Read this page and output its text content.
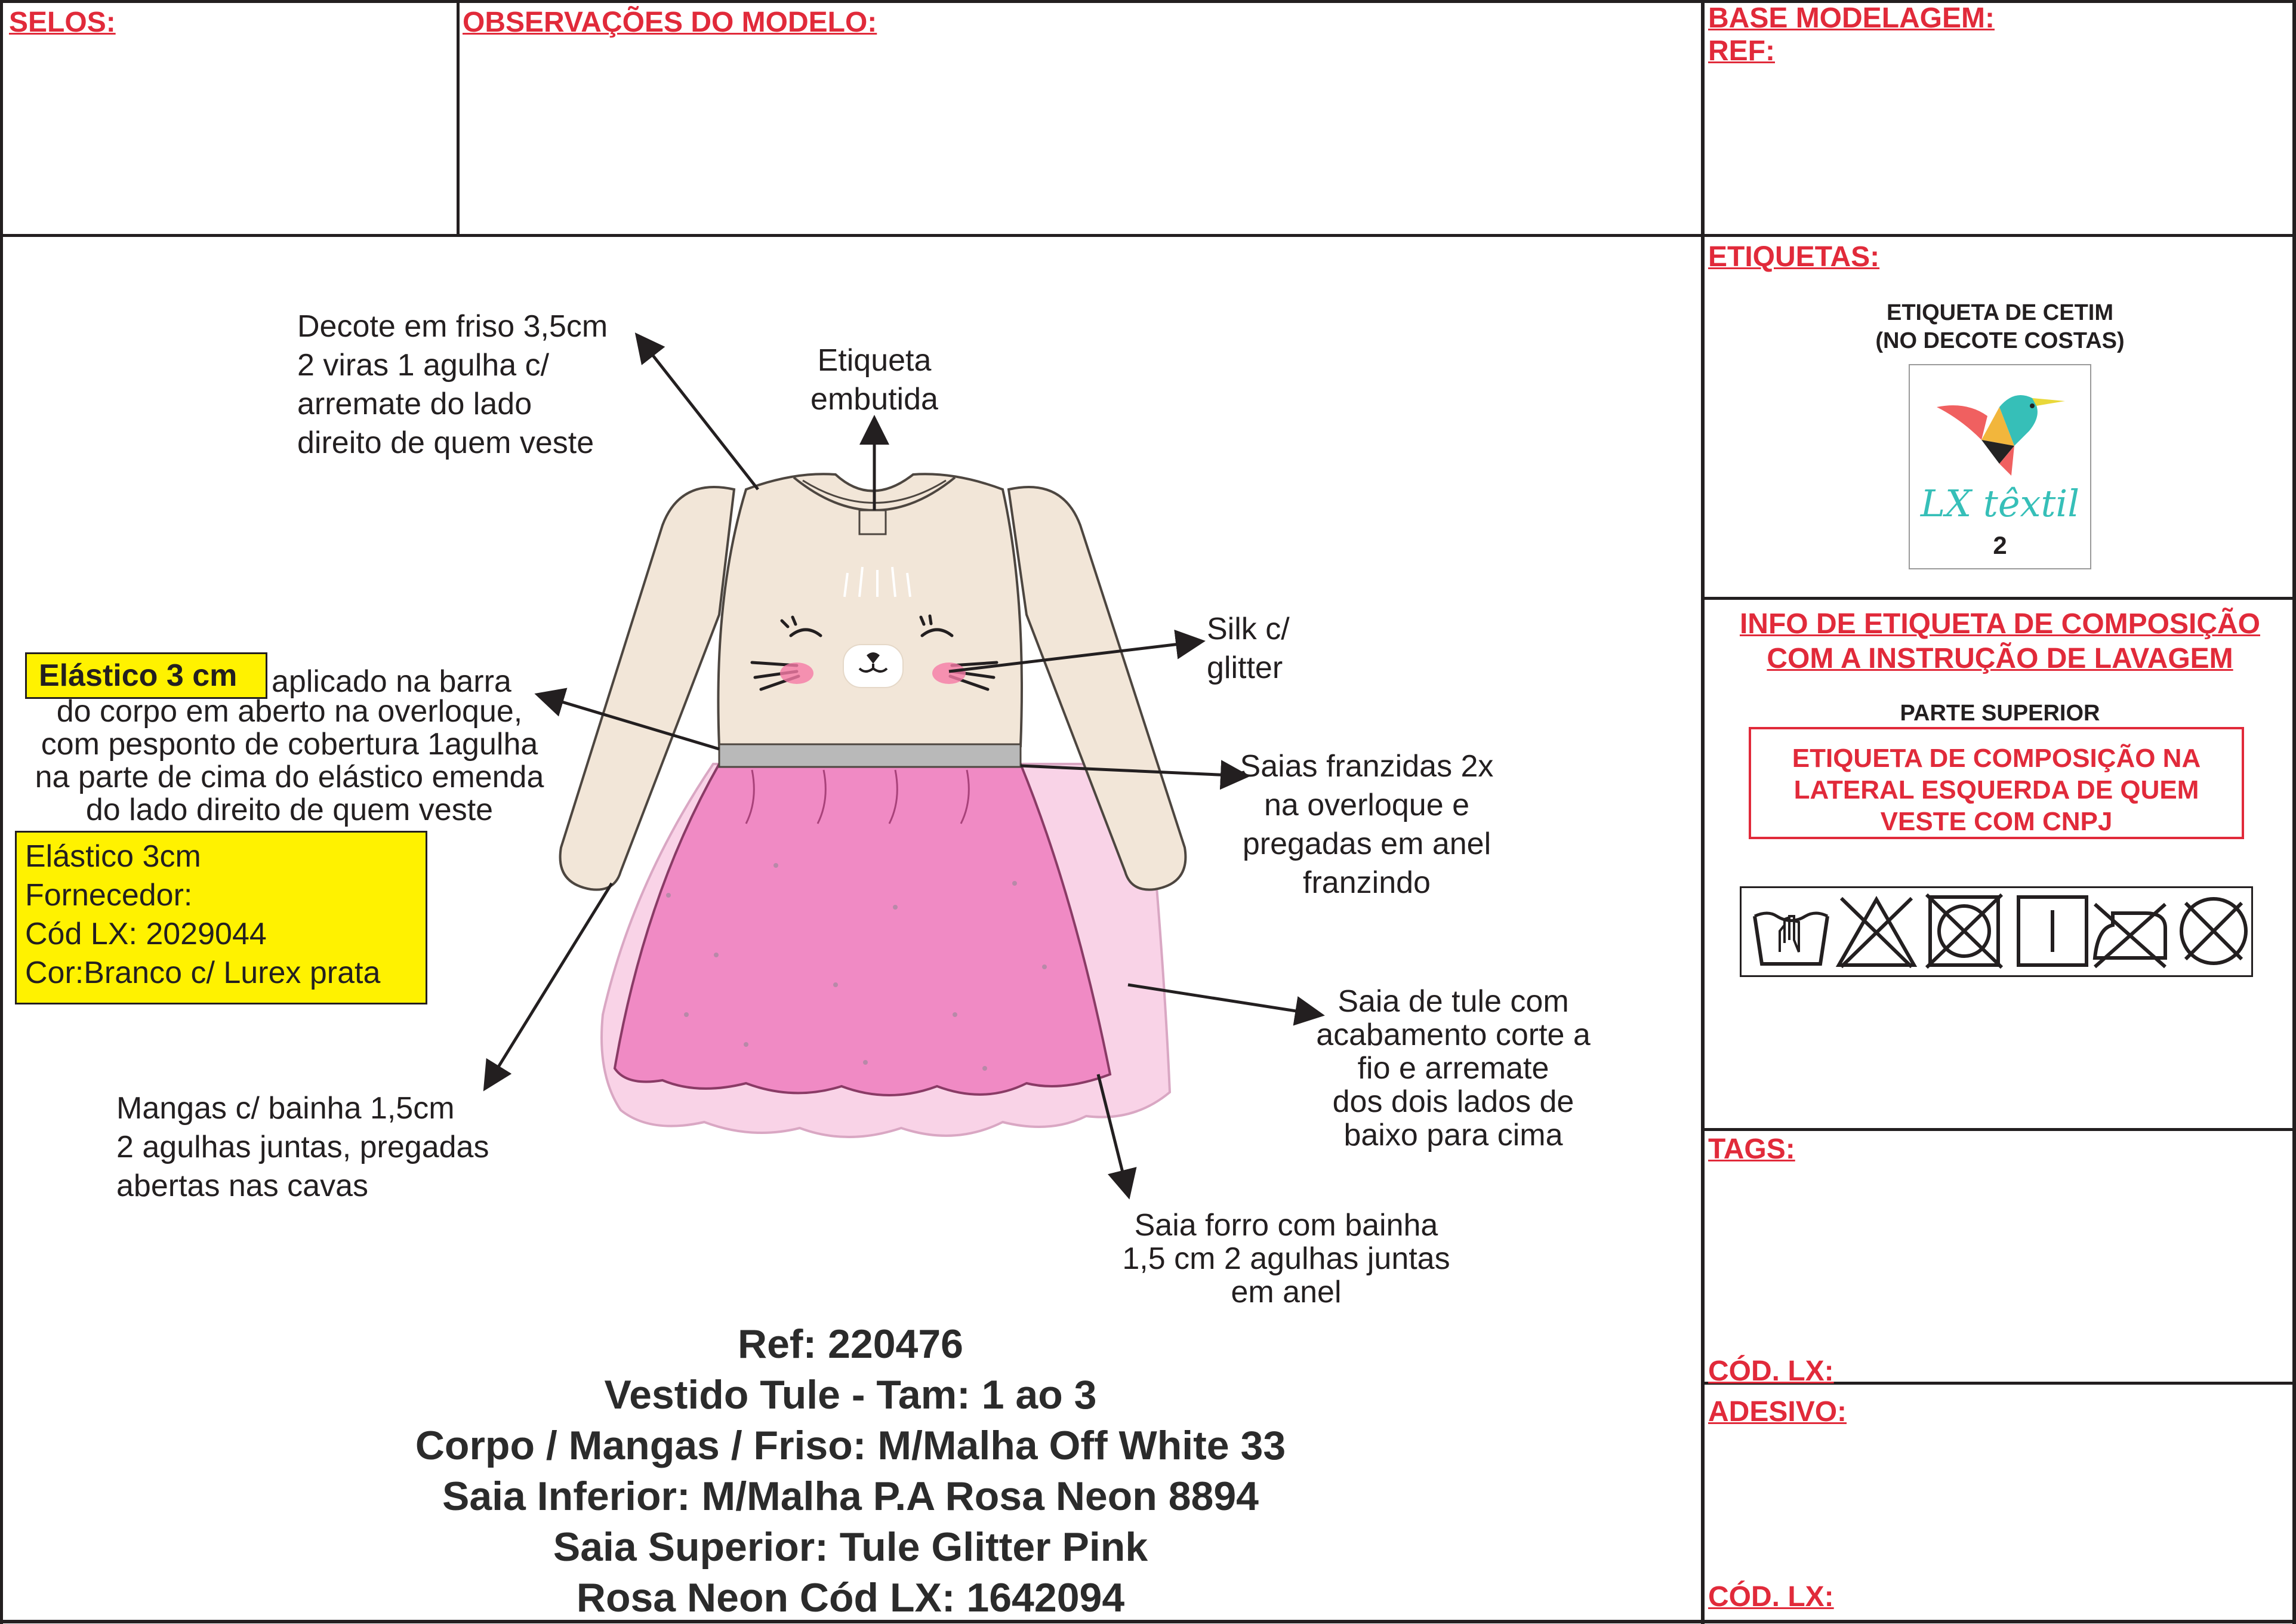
SELOS:	OBSERVAÇÕES DO MODELO:	BASE MODELAGEM:
REF:
Decote em friso 3,5cm
2 viras 1 agulha c/
arremate do lado
direito de quem veste
Etiqueta
embutida
Silk c/
glitter
Elástico 3 cm aplicado na barra
do corpo em aberto na overloque,
com pesponto de cobertura 1agulha
na parte de cima do elástico emenda
do lado direito de quem veste
Elástico 3cm
Fornecedor:
Cód LX: 2029044
Cor:Branco c/ Lurex prata
Saias franzidas 2x
na overloque e
pregadas em anel
franzindo
Saia de tule com
acabamento corte a
fio e arremate
dos dois lados de
baixo para cima
Mangas c/ bainha 1,5cm
2 agulhas juntas, pregadas
abertas nas cavas
Saia forro com bainha
1,5 cm 2 agulhas juntas
em anel
Ref: 220476
Vestido Tule - Tam: 1 ao 3
Corpo / Mangas / Friso: M/Malha Off White 33
Saia Inferior: M/Malha P.A Rosa Neon 8894
Saia Superior: Tule Glitter Pink
Rosa Neon Cód LX: 1642094
ETIQUETAS:
ETIQUETA DE CETIM
(NO DECOTE COSTAS)
LX têxtil
2
INFO DE ETIQUETA DE COMPOSIÇÃO
COM A INSTRUÇÃO DE LAVAGEM
PARTE SUPERIOR
ETIQUETA DE COMPOSIÇÃO NA
LATERAL ESQUERDA DE QUEM
VESTE COM CNPJ
TAGS:
CÓD. LX:
ADESIVO:
CÓD. LX:
